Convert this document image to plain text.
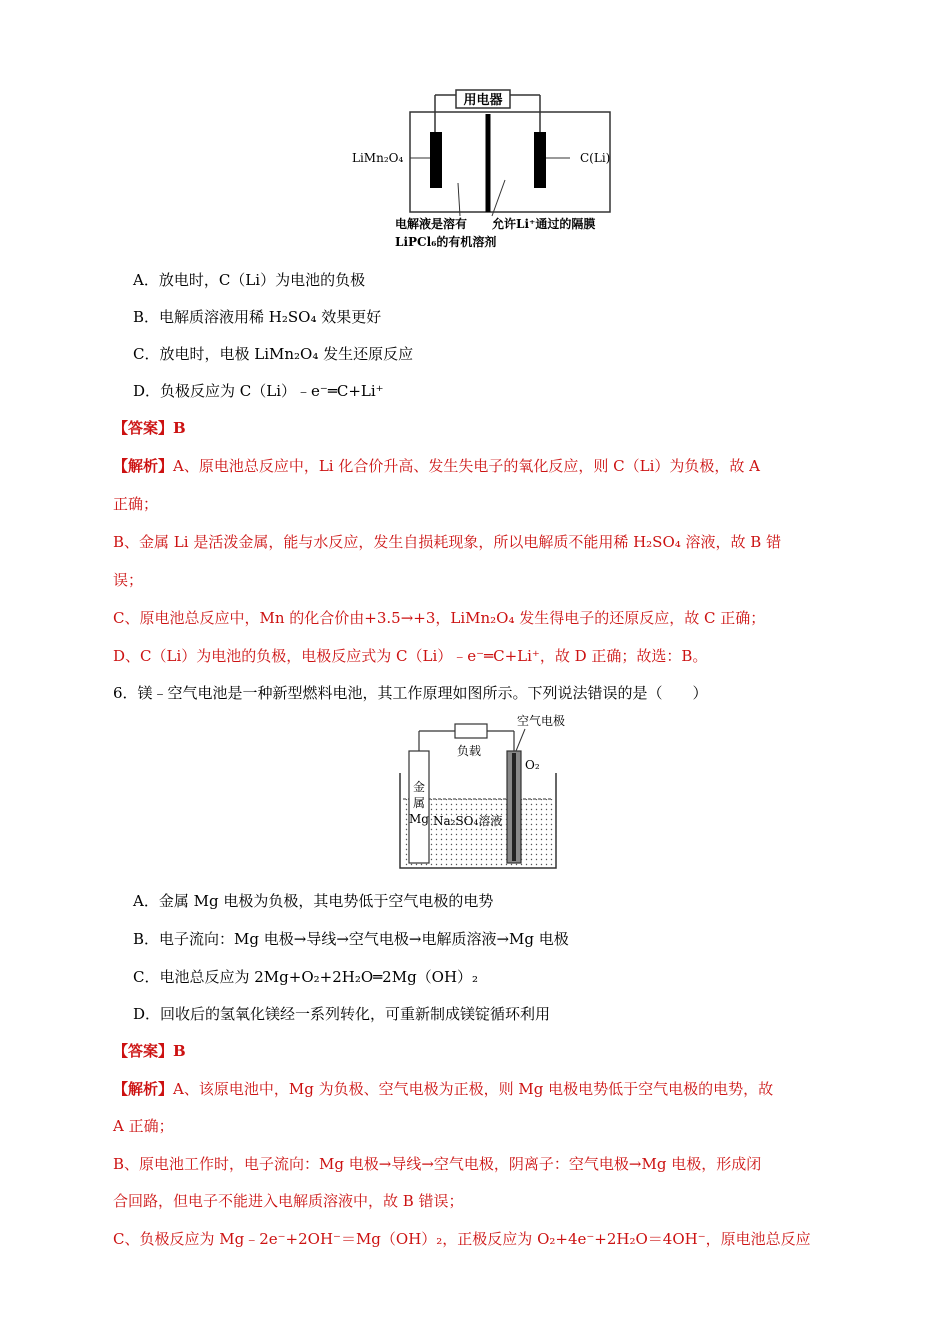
用电器
LiMn₂O₄	C(Li)
电解液是溶有
LiPCl₆的有机溶剂
允许Li⁺通过的隔膜
A．放电时，C（Li）为电池的负极
B．电解质溶液用稀 H₂SO₄ 效果更好
C．放电时，电极 LiMn₂O₄ 发生还原反应
D．负极反应为 C（Li）﹣e⁻═C+Li⁺
【答案】B
【解析】A、原电池总反应中，Li 化合价升高、发生失电子的氧化反应，则 C（Li）为负极，故 A
正确；
B、金属 Li 是活泼金属，能与水反应，发生自损耗现象，所以电解质不能用稀 H₂SO₄ 溶液，故 B 错
误；
C、原电池总反应中，Mn 的化合价由+3.5→+3，LiMn₂O₄ 发生得电子的还原反应，故 C 正确；
D、C（Li）为电池的负极，电极反应式为 C（Li）﹣e⁻═C+Li⁺，故 D 正确；故选：B。
6．镁﹣空气电池是一种新型燃料电池，其工作原理如图所示。下列说法错误的是（　　）
负载
空气电极
O₂
金
属
Mg Na₂SO₄溶液
A．金属 Mg 电极为负极，其电势低于空气电极的电势
B．电子流向：Mg 电极→导线→空气电极→电解质溶液→Mg 电极
C．电池总反应为 2Mg+O₂+2H₂O═2Mg（OH）₂
D．回收后的氢氧化镁经一系列转化，可重新制成镁锭循环利用
【答案】B
【解析】A、该原电池中，Mg 为负极、空气电极为正极，则 Mg 电极电势低于空气电极的电势，故
A 正确；
B、原电池工作时，电子流向：Mg 电极→导线→空气电极，阴离子：空气电极→Mg 电极，形成闭
合回路，但电子不能进入电解质溶液中，故 B 错误；
C、负极反应为 Mg﹣2e⁻+2OH⁻＝Mg（OH）₂，正极反应为 O₂+4e⁻+2H₂O＝4OH⁻，原电池总反应
